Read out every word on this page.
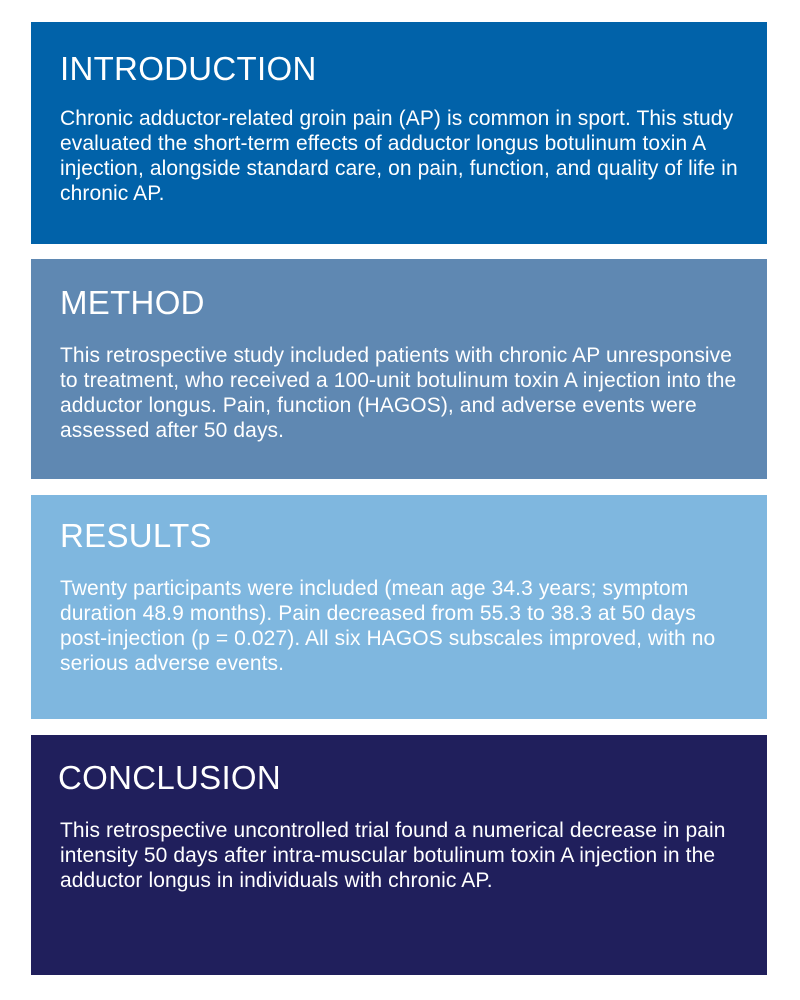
INTRODUCTION

Chronic adductor-related groin pain (AP) is common in sport. This study evaluated the short-term effects of adductor longus botulinum toxin A injection, alongside standard care, on pain, function, and quality of life in chronic AP.

METHOD

This retrospective study included patients with chronic AP unresponsive to treatment, who received a 100-unit botulinum toxin A injection into the adductor longus. Pain, function (HAGOS), and adverse events were assessed after 50 days.

RESULTS

Twenty participants were included (mean age 34.3 years; symptom duration 48.9 months). Pain decreased from 55.3 to 38.3 at 50 days post-injection (p = 0.027). All six HAGOS subscales improved, with no serious adverse events.

CONCLUSION

This retrospective uncontrolled trial found a numerical decrease in pain intensity 50 days after intra-muscular botulinum toxin A injection in the adductor longus in individuals with chronic AP.
